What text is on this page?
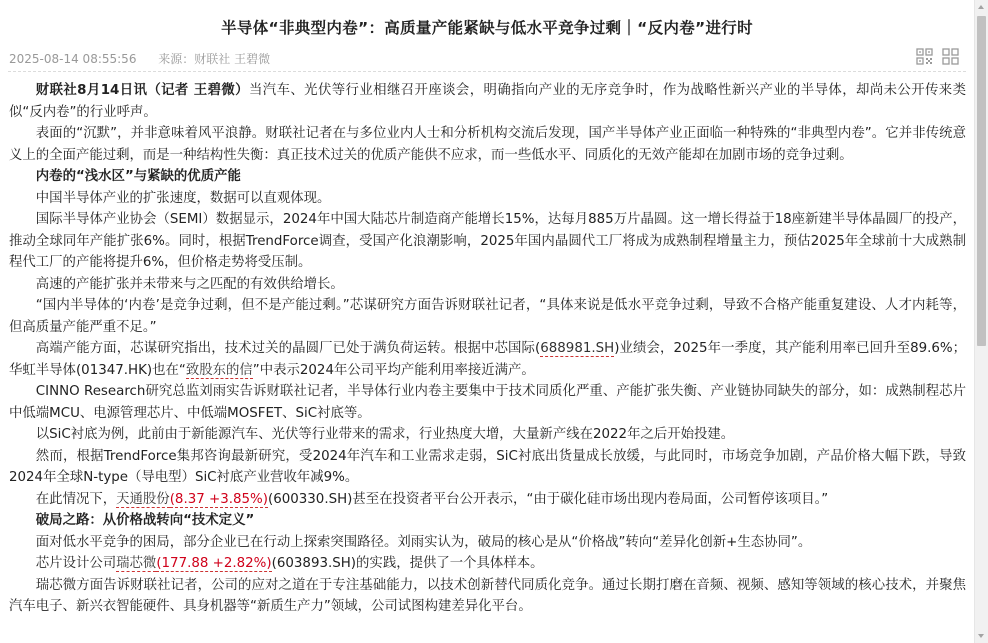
半导体“非典型内卷”：高质量产能紧缺与低水平竞争过剩｜“反内卷”进行时
2025-08-14 08:55:56 来源：财联社 王碧微

财联社8月14日讯（记者 王碧微）当汽车、光伏等行业相继召开座谈会，明确指向产业的无序竞争时，作为战略性新兴产业的半导体，却尚未公开传来类似“反内卷”的行业呼声。

表面的“沉默”，并非意味着风平浪静。财联社记者在与多位业内人士和分析机构交流后发现，国产半导体产业正面临一种特殊的“非典型内卷”。它并非传统意义上的全面产能过剩，而是一种结构性失衡：真正技术过关的优质产能供不应求，而一些低水平、同质化的无效产能却在加剧市场的竞争过剩。

内卷的“浅水区”与紧缺的优质产能

中国半导体产业的扩张速度，数据可以直观体现。

国际半导体产业协会（SEMI）数据显示，2024年中国大陆芯片制造商产能增长15%，达每月885万片晶圆。这一增长得益于18座新建半导体晶圆厂的投产，推动全球同年产能扩张6%。同时，根据TrendForce调查，受国产化浪潮影响，2025年国内晶圆代工厂将成为成熟制程增量主力，预估2025年全球前十大成熟制程代工厂的产能将提升6%，但价格走势将受压制。

高速的产能扩张并未带来与之匹配的有效供给增长。

“国内半导体的‘内卷’是竞争过剩，但不是产能过剩。”芯谋研究方面告诉财联社记者，“具体来说是低水平竞争过剩，导致不合格产能重复建设、人才内耗等，但高质量产能严重不足。”

高端产能方面，芯谋研究指出，技术过关的晶圆厂已处于满负荷运转。根据中芯国际(688981.SH)业绩会，2025年一季度，其产能利用率已回升至89.6%；华虹半导体(01347.HK)也在“致股东的信”中表示2024年公司平均产能利用率接近满产。

CINNO Research研究总监刘雨实告诉财联社记者，半导体行业内卷主要集中于技术同质化严重、产能扩张失衡、产业链协同缺失的部分，如：成熟制程芯片中低端MCU、电源管理芯片、中低端MOSFET、SiC衬底等。

以SiC衬底为例，此前由于新能源汽车、光伏等行业带来的需求，行业热度大增，大量新产线在2022年之后开始投建。

然而，根据TrendForce集邦咨询最新研究，受2024年汽车和工业需求走弱，SiC衬底出货量成长放缓，与此同时，市场竞争加剧，产品价格大幅下跌，导致2024年全球N-type（导电型）SiC衬底产业营收年减9%。

在此情况下，天通股份(8.37 +3.85%)(600330.SH)甚至在投资者平台公开表示，“由于碳化硅市场出现内卷局面，公司暂停该项目。”

破局之路：从价格战转向“技术定义”

面对低水平竞争的困局，部分企业已在行动上探索突围路径。刘雨实认为，破局的核心是从“价格战”转向“差异化创新+生态协同”。

芯片设计公司瑞芯微(177.88 +2.82%)(603893.SH)的实践，提供了一个具体样本。

瑞芯微方面告诉财联社记者，公司的应对之道在于专注基础能力，以技术创新替代同质化竞争。通过长期打磨在音频、视频、感知等领域的核心技术，并聚焦汽车电子、新兴衣智能硬件、具身机器等“新质生产力”领域，公司试图构建差异化平台。
